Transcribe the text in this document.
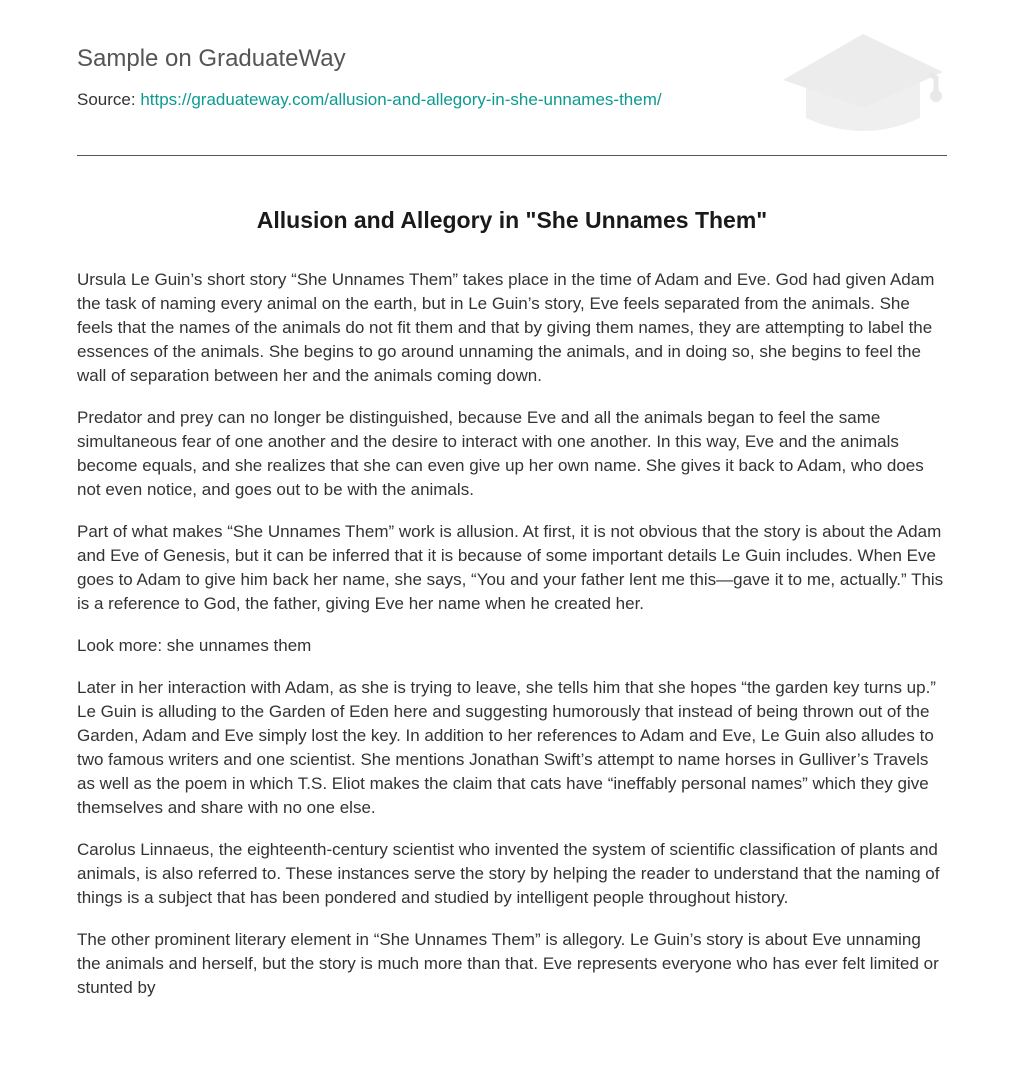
Sample on GraduateWay
Source: https://graduateway.com/allusion-and-allegory-in-she-unnames-them/
Allusion and Allegory in "She Unnames Them"

Ursula Le Guin’s short story “She Unnames Them” takes place in the time of Adam and Eve. God had given Adam the task of naming every animal on the earth, but in Le Guin’s story, Eve feels separated from the animals. She feels that the names of the animals do not fit them and that by giving them names, they are attempting to label the essences of the animals. She begins to go around unnaming the animals, and in doing so, she begins to feel the wall of separation between her and the animals coming down.

Predator and prey can no longer be distinguished, because Eve and all the animals began to feel the same simultaneous fear of one another and the desire to interact with one another. In this way, Eve and the animals become equals, and she realizes that she can even give up her own name. She gives it back to Adam, who does not even notice, and goes out to be with the animals.

Part of what makes “She Unnames Them” work is allusion. At first, it is not obvious that the story is about the Adam and Eve of Genesis, but it can be inferred that it is because of some important details Le Guin includes. When Eve goes to Adam to give him back her name, she says, “You and your father lent me this—gave it to me, actually.” This is a reference to God, the father, giving Eve her name when he created her.

Look more: she unnames them

Later in her interaction with Adam, as she is trying to leave, she tells him that she hopes “the garden key turns up.” Le Guin is alluding to the Garden of Eden here and suggesting humorously that instead of being thrown out of the Garden, Adam and Eve simply lost the key. In addition to her references to Adam and Eve, Le Guin also alludes to two famous writers and one scientist. She mentions Jonathan Swift’s attempt to name horses in Gulliver’s Travels as well as the poem in which T.S. Eliot makes the claim that cats have “ineffably personal names” which they give themselves and share with no one else.

Carolus Linnaeus, the eighteenth-century scientist who invented the system of scientific classification of plants and animals, is also referred to. These instances serve the story by helping the reader to understand that the naming of things is a subject that has been pondered and studied by intelligent people throughout history.

The other prominent literary element in “She Unnames Them” is allegory. Le Guin’s story is about Eve unnaming the animals and herself, but the story is much more than that. Eve represents everyone who has ever felt limited or stunted by
